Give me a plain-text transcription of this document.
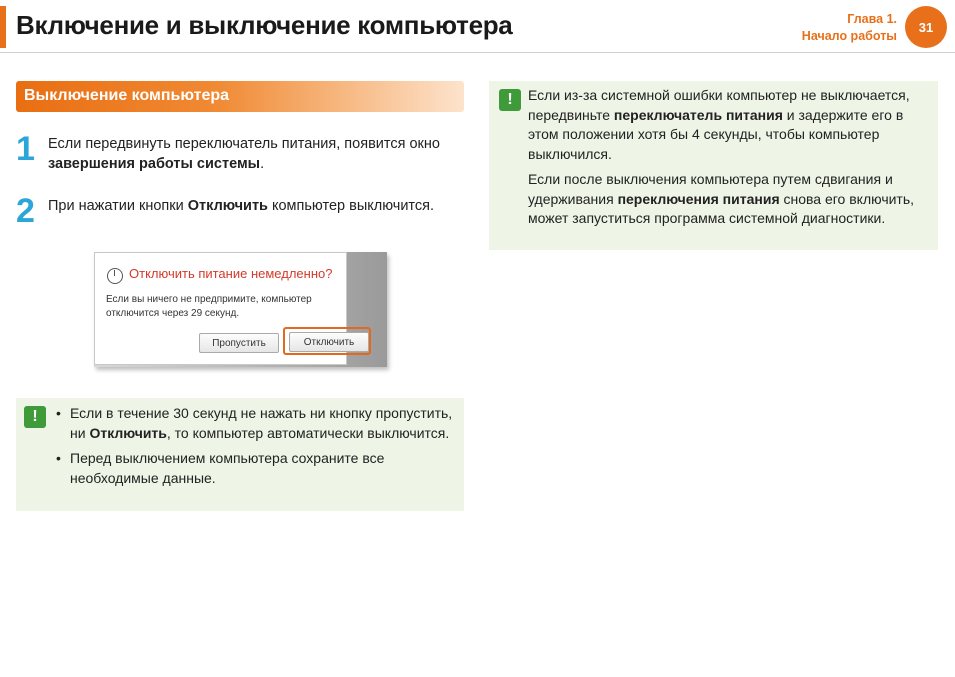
Включение и выключение компьютера	Глава 1.
Начало работы
31
Выключение компьютера
1 Если передвинуть переключатель питания, появится окно завершения работы системы.
2 При нажатии кнопки Отключить компьютер выключится.
Отключить питание немедленно?
Если вы ничего не предпримите, компьютер отключится через 29 секунд.
Пропустить	Отключить
!
•	Если в течение 30 секунд не нажать ни кнопку пропустить, ни Отключить, то компьютер автоматически выключится.
• Перед выключением компьютера сохраните все необходимые данные.
!	Если из-за системной ошибки компьютер не выключается, передвиньте переключатель питания и задержите его в этом положении хотя бы 4 секунды, чтобы компьютер выключился.

Если после выключения компьютера путем сдвигания и удерживания переключения питания снова его включить, может запуститься программа системной диагностики.
